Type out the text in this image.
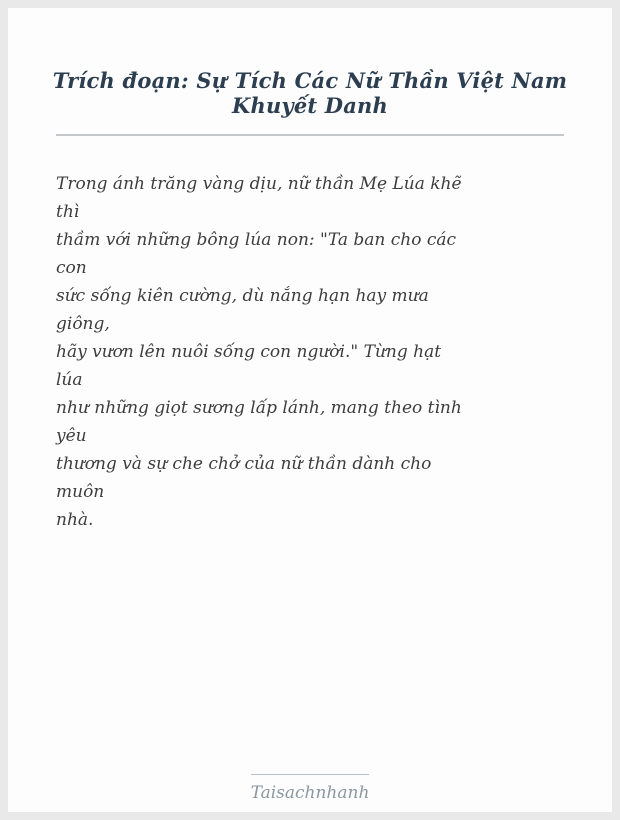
Trích đoạn: Sự Tích Các Nữ Thần Việt Nam Khuyết Danh
Trong ánh trăng vàng dịu, nữ thần Mẹ Lúa khẽ
thì
thầm với những bông lúa non: "Ta ban cho các
con
sức sống kiên cường, dù nắng hạn hay mưa
giông,
hãy vươn lên nuôi sống con người." Từng hạt
lúa
như những giọt sương lấp lánh, mang theo tình
yêu
thương và sự che chở của nữ thần dành cho
muôn
nhà.
Taisachnhanh
